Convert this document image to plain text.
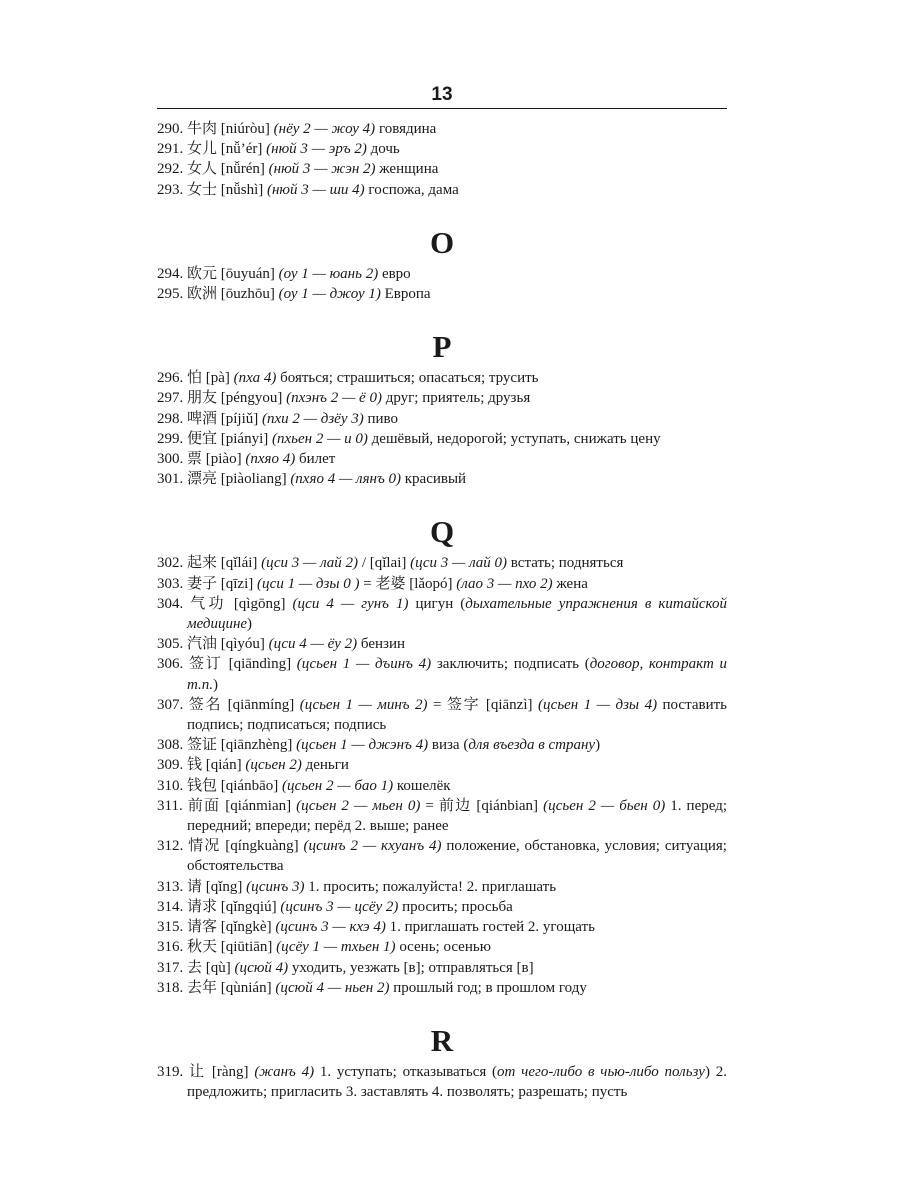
13
290. 牛肉 [niúròu] (нёу 2 — жоу 4) говядина
291. 女儿 [nǚ’ér] (нюй 3 — эръ 2) дочь
292. 女人 [nǚrén] (нюй 3 — жэн 2) женщина
293. 女士 [nǚshì] (нюй 3 — ши 4) госпожа, дама
O
294. 欧元 [ōuyuán] (оу 1 — юань 2) евро
295. 欧洲 [ōuzhōu] (оу 1 — джоу 1) Европа
P
296. 怕 [pà] (пха 4) бояться; страшиться; опасаться; трусить
297. 朋友 [péngyou] (пхэнъ 2 — ё 0) друг; приятель; друзья
298. 啤酒 [píjiǔ] (пхи 2 — дзёу 3) пиво
299. 便宜 [piányi] (пхьен 2 — и 0) дешёвый, недорогой; уступать, снижать цену
300. 票 [piào] (пхяо 4) билет
301. 漂亮 [piàoliang] (пхяо 4 — лянъ 0) красивый
Q
302. 起来 [qǐlái] (цси 3 — лай 2) / [qǐlai] (цси 3 — лай 0) встать; подняться
303. 妻子 [qīzi] (цси 1 — дзы 0 ) = 老婆 [lǎopó] (лао 3 — пхо 2) жена
304. 气功 [qìgōng] (цси 4 — гунъ 1) цигун (дыхательные упражнения в китайской медицине)
305. 汽油 [qìyóu] (цси 4 — ёу 2) бензин
306. 签订 [qiāndìng] (цсьен 1 — дъинъ 4) заключить; подписать (договор, контракт и т.п.)
307. 签名 [qiānmíng] (цсьен 1 — минъ 2) = 签字 [qiānzì] (цсьен 1 — дзы 4) поставить подпись; подписаться; подпись
308. 签证 [qiānzhèng] (цсьен 1 — джэнъ 4) виза (для въезда в страну)
309. 钱 [qián] (цсьен 2) деньги
310. 钱包 [qiánbāo] (цсьен 2 — бао 1) кошелёк
311. 前面 [qiánmian] (цсьен 2 — мьен 0) = 前边 [qiánbian] (цсьен 2 — бьен 0) 1. перед; передний; впереди; перёд 2. выше; ранее
312. 情况 [qíngkuàng] (цсинъ 2 — кхуанъ 4) положение, обстановка, условия; ситуация; обстоятельства
313. 请 [qǐng] (цсинъ 3) 1. просить; пожалуйста! 2. приглашать
314. 请求 [qǐngqiú] (цсинъ 3 — цсёу 2) просить; просьба
315. 请客 [qǐngkè] (цсинъ 3 — кхэ 4) 1. приглашать гостей 2. угощать
316. 秋天 [qiūtiān] (цсёу 1 — тхьен 1) осень; осенью
317. 去 [qù] (цсюй 4) уходить, уезжать [в]; отправляться [в]
318. 去年 [qùnián] (цсюй 4 — ньен 2) прошлый год; в прошлом году
R
319. 让 [ràng] (жанъ 4) 1. уступать; отказываться (от чего-либо в чью-либо пользу) 2. предложить; пригласить 3. заставлять 4. позволять; разрешать; пусть
